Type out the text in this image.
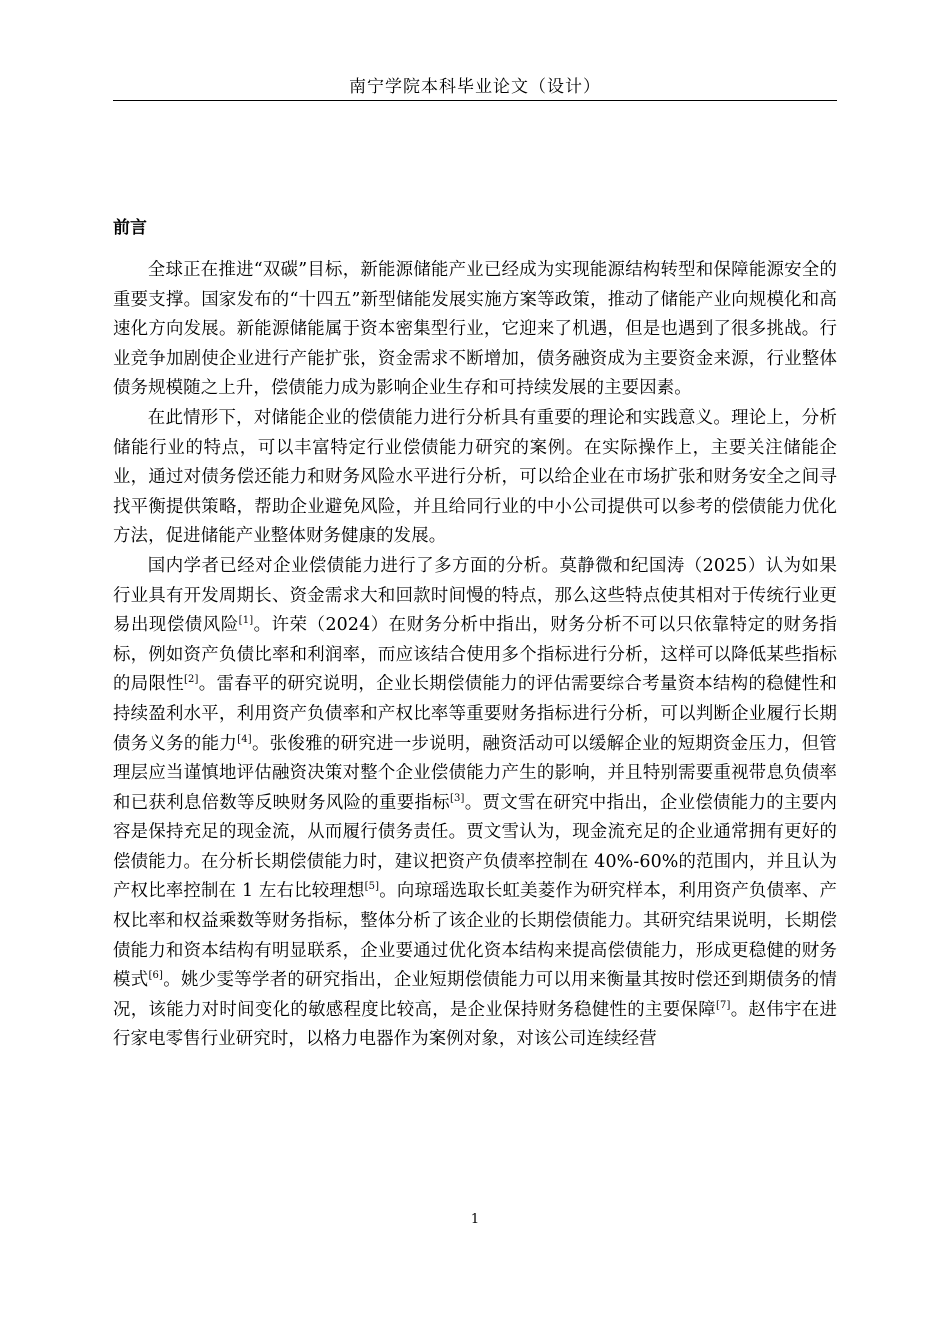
南宁学院本科毕业论文（设计）
前言

全球正在推进“双碳”目标，新能源储能产业已经成为实现能源结构转型和保障能源安全的重要支撑。国家发布的“十四五”新型储能发展实施方案等政策，推动了储能产业向规模化和高速化方向发展。新能源储能属于资本密集型行业，它迎来了机遇，但是也遇到了很多挑战。行业竞争加剧使企业进行产能扩张，资金需求不断增加，债务融资成为主要资金来源，行业整体债务规模随之上升，偿债能力成为影响企业生存和可持续发展的主要因素。

在此情形下，对储能企业的偿债能力进行分析具有重要的理论和实践意义。理论上，分析储能行业的特点，可以丰富特定行业偿债能力研究的案例。在实际操作上，主要关注储能企业，通过对债务偿还能力和财务风险水平进行分析，可以给企业在市场扩张和财务安全之间寻找平衡提供策略，帮助企业避免风险，并且给同行业的中小公司提供可以参考的偿债能力优化方法，促进储能产业整体财务健康的发展。

国内学者已经对企业偿债能力进行了多方面的分析。莫静微和纪国涛（2025）认为如果行业具有开发周期长、资金需求大和回款时间慢的特点，那么这些特点使其相对于传统行业更易出现偿债风险[1]。许荣（2024）在财务分析中指出，财务分析不可以只依靠特定的财务指标，例如资产负债比率和利润率，而应该结合使用多个指标进行分析，这样可以降低某些指标的局限性[2]。雷春平的研究说明，企业长期偿债能力的评估需要综合考量资本结构的稳健性和持续盈利水平，利用资产负债率和产权比率等重要财务指标进行分析，可以判断企业履行长期债务义务的能力[4]。张俊雅的研究进一步说明，融资活动可以缓解企业的短期资金压力，但管理层应当谨慎地评估融资决策对整个企业偿债能力产生的影响，并且特别需要重视带息负债率和已获利息倍数等反映财务风险的重要指标[3]。贾文雪在研究中指出，企业偿债能力的主要内容是保持充足的现金流，从而履行债务责任。贾文雪认为，现金流充足的企业通常拥有更好的偿债能力。在分析长期偿债能力时，建议把资产负债率控制在 40%-60%的范围内，并且认为产权比率控制在 1 左右比较理想[5]。向琼瑶选取长虹美菱作为研究样本，利用资产负债率、产权比率和权益乘数等财务指标，整体分析了该企业的长期偿债能力。其研究结果说明，长期偿债能力和资本结构有明显联系，企业要通过优化资本结构来提高偿债能力，形成更稳健的财务模式[6]。姚少雯等学者的研究指出，企业短期偿债能力可以用来衡量其按时偿还到期债务的情况，该能力对时间变化的敏感程度比较高，是企业保持财务稳健性的主要保障[7]。赵伟宇在进行家电零售行业研究时，以格力电器作为案例对象，对该公司连续经营

1
